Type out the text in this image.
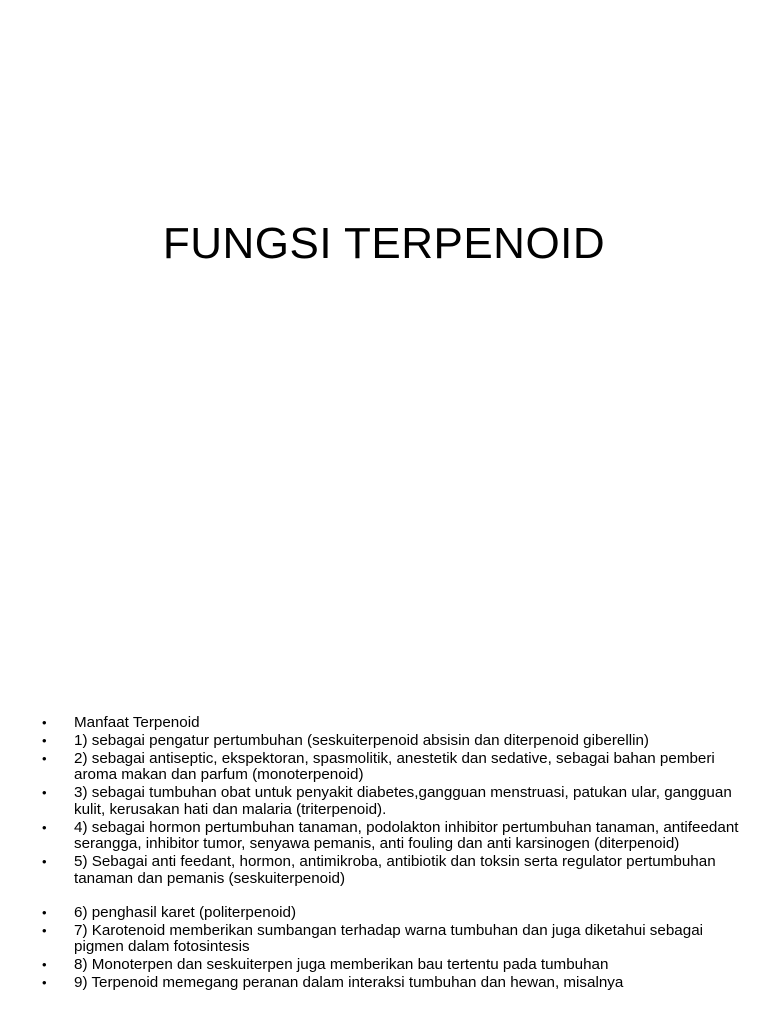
FUNGSI TERPENOID
•	Manfaat Terpenoid
•	1) sebagai pengatur pertumbuhan (seskuiterpenoid absisin dan diterpenoid giberellin)
•	2) sebagai antiseptic, ekspektoran, spasmolitik, anestetik dan sedative, sebagai bahan pemberi aroma makan dan parfum (monoterpenoid)
•	3) sebagai tumbuhan obat untuk penyakit diabetes,gangguan menstruasi, patukan ular, gangguan kulit, kerusakan hati dan malaria (triterpenoid).
•	4) sebagai hormon pertumbuhan tanaman, podolakton inhibitor pertumbuhan tanaman, antifeedant serangga, inhibitor tumor, senyawa pemanis, anti fouling dan anti karsinogen (diterpenoid)
•	5) Sebagai anti feedant, hormon, antimikroba, antibiotik dan toksin serta regulator pertumbuhan tanaman dan pemanis (seskuiterpenoid)
•	6) penghasil karet (politerpenoid)
•	7) Karotenoid memberikan sumbangan terhadap warna tumbuhan dan juga diketahui sebagai pigmen dalam fotosintesis
•	8) Monoterpen dan seskuiterpen juga memberikan bau tertentu pada tumbuhan
•	9) Terpenoid memegang peranan dalam interaksi tumbuhan dan hewan, misalnya
